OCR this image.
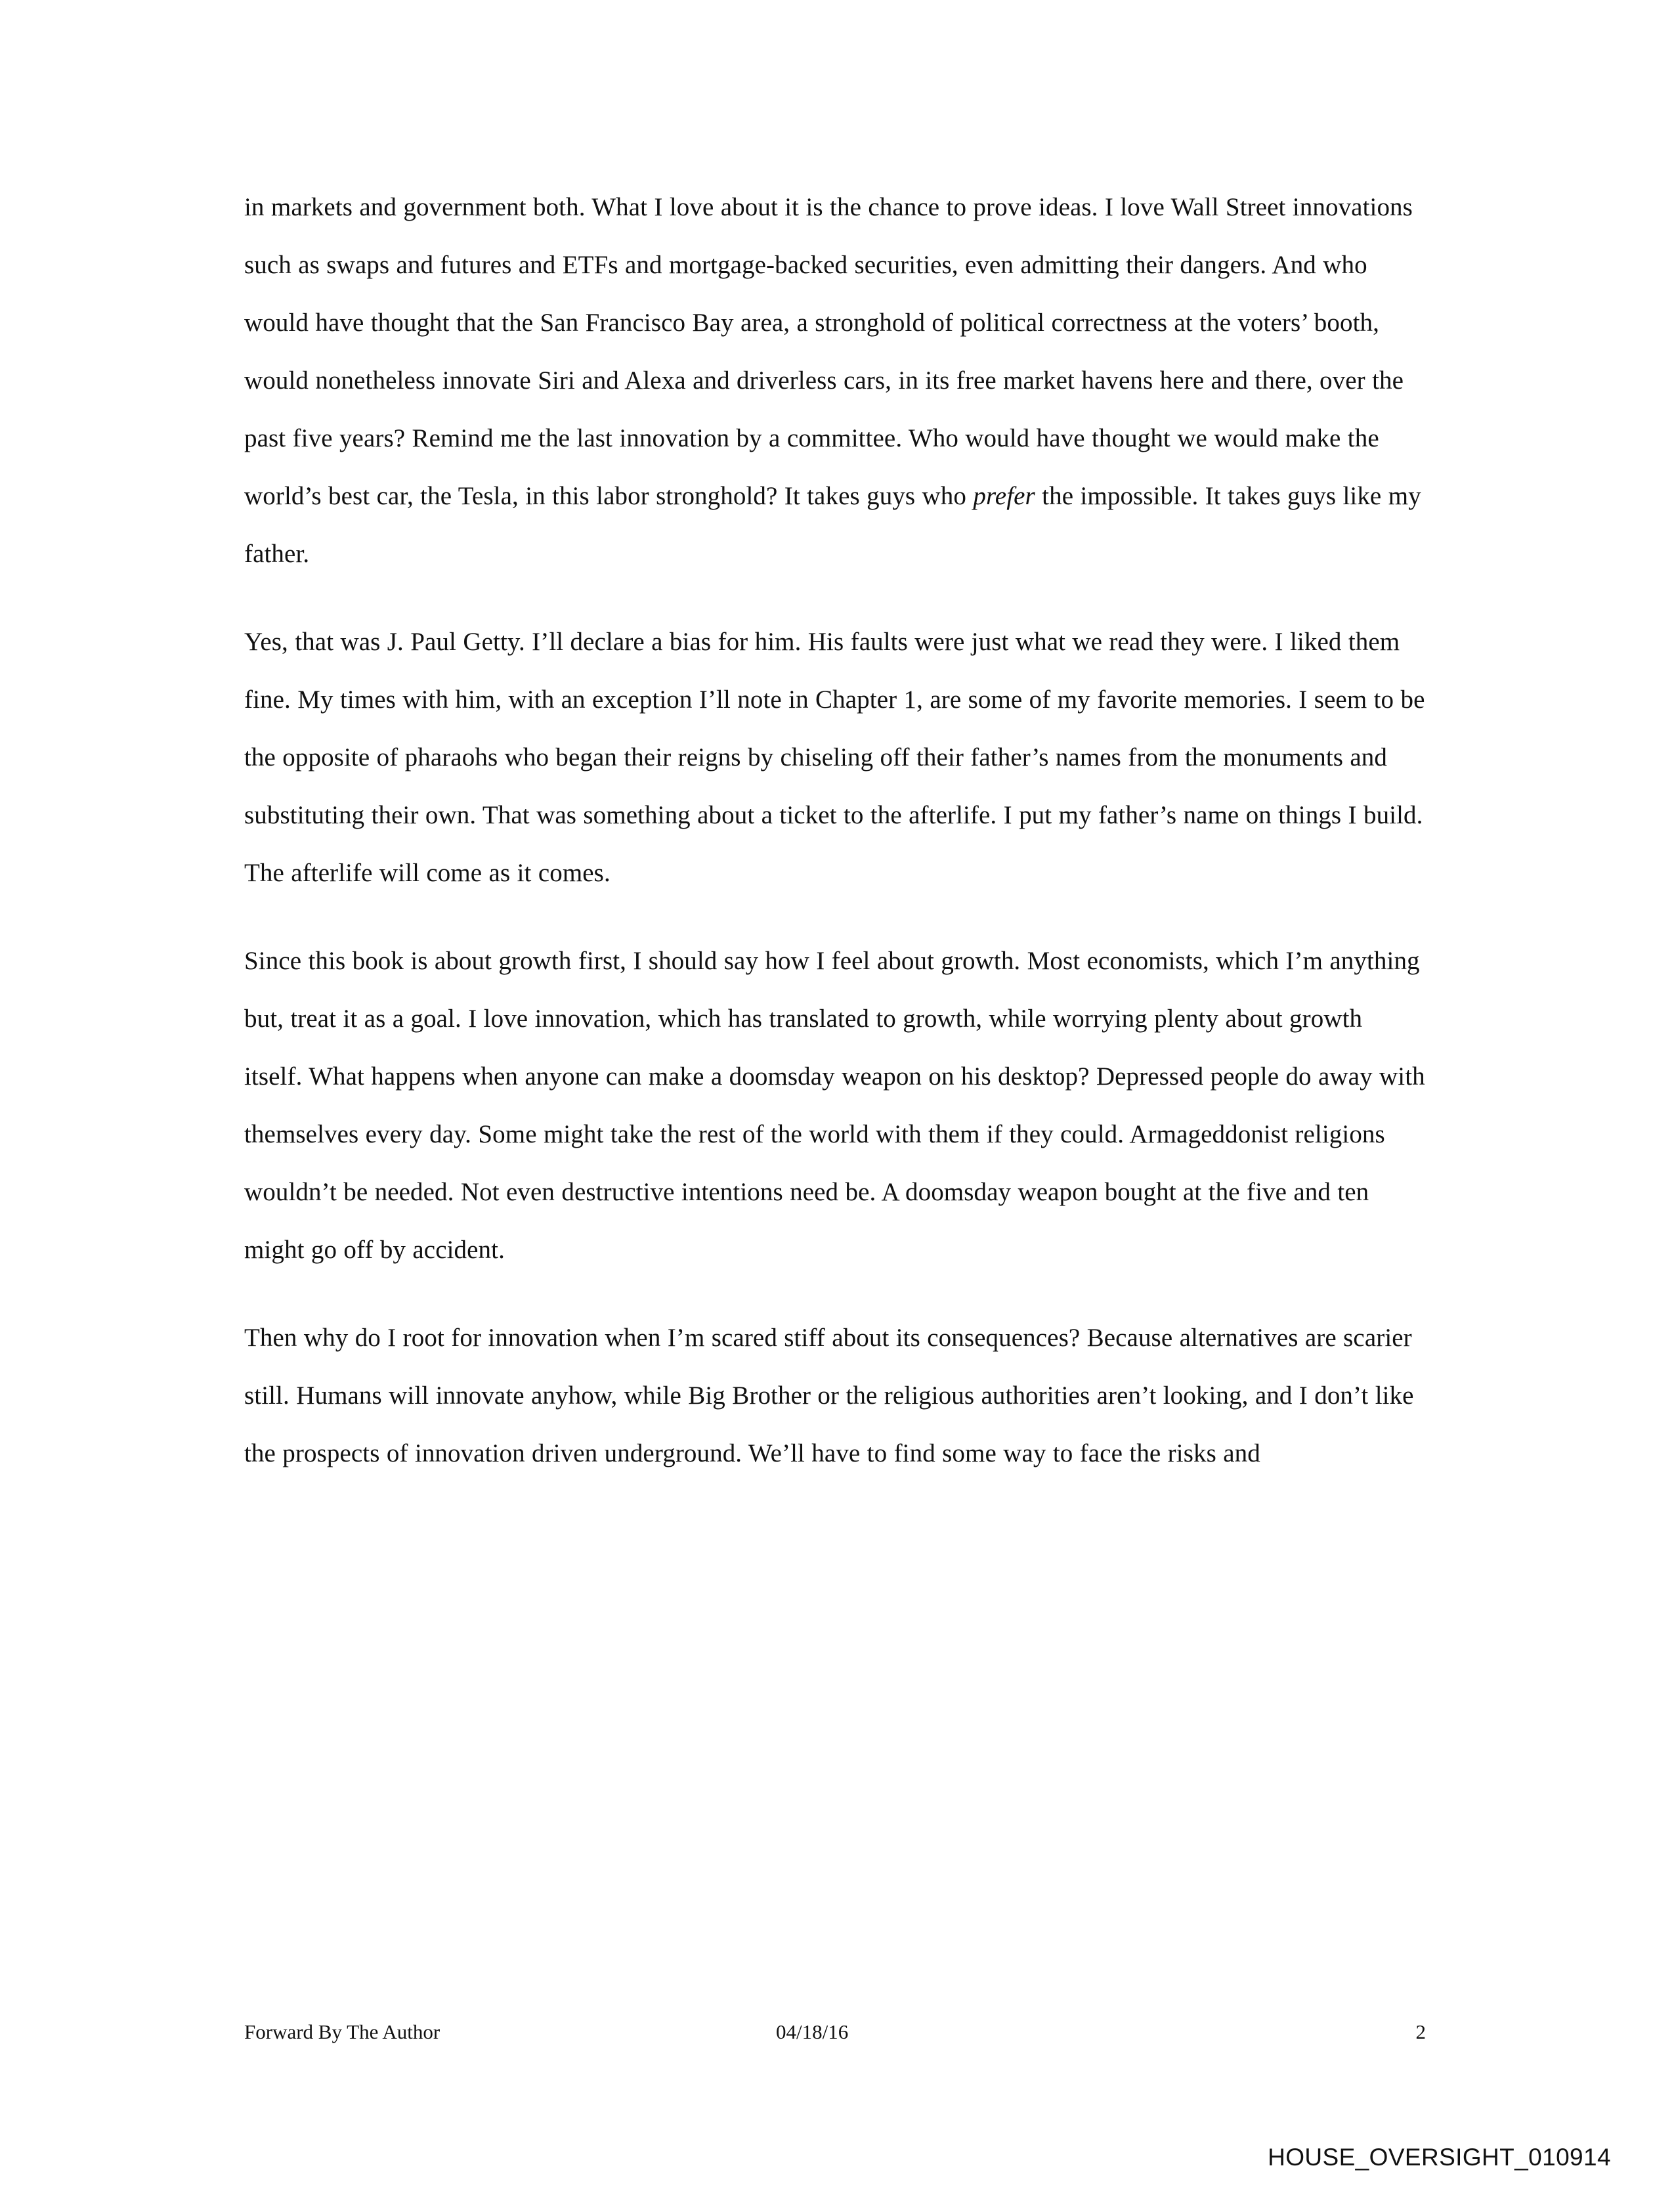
in markets and government both. What I love about it is the chance to prove ideas. I love Wall Street innovations such as swaps and futures and ETFs and mortgage-backed securities, even admitting their dangers. And who would have thought that the San Francisco Bay area, a stronghold of political correctness at the voters’ booth, would nonetheless innovate Siri and Alexa and driverless cars, in its free market havens here and there, over the past five years? Remind me the last innovation by a committee. Who would have thought we would make the world’s best car, the Tesla, in this labor stronghold? It takes guys who prefer the impossible. It takes guys like my father.

Yes, that was J. Paul Getty. I’ll declare a bias for him. His faults were just what we read they were. I liked them fine. My times with him, with an exception I’ll note in Chapter 1, are some of my favorite memories. I seem to be the opposite of pharaohs who began their reigns by chiseling off their father’s names from the monuments and substituting their own. That was something about a ticket to the afterlife. I put my father’s name on things I build. The afterlife will come as it comes.

Since this book is about growth first, I should say how I feel about growth. Most economists, which I’m anything but, treat it as a goal. I love innovation, which has translated to growth, while worrying plenty about growth itself. What happens when anyone can make a doomsday weapon on his desktop? Depressed people do away with themselves every day. Some might take the rest of the world with them if they could. Armageddonist religions wouldn’t be needed. Not even destructive intentions need be. A doomsday weapon bought at the five and ten might go off by accident.

Then why do I root for innovation when I’m scared stiff about its consequences? Because alternatives are scarier still. Humans will innovate anyhow, while Big Brother or the religious authorities aren’t looking, and I don’t like the prospects of innovation driven underground. We’ll have to find some way to face the risks and

Forward By The Author	04/18/16	2
HOUSE_OVERSIGHT_010914
